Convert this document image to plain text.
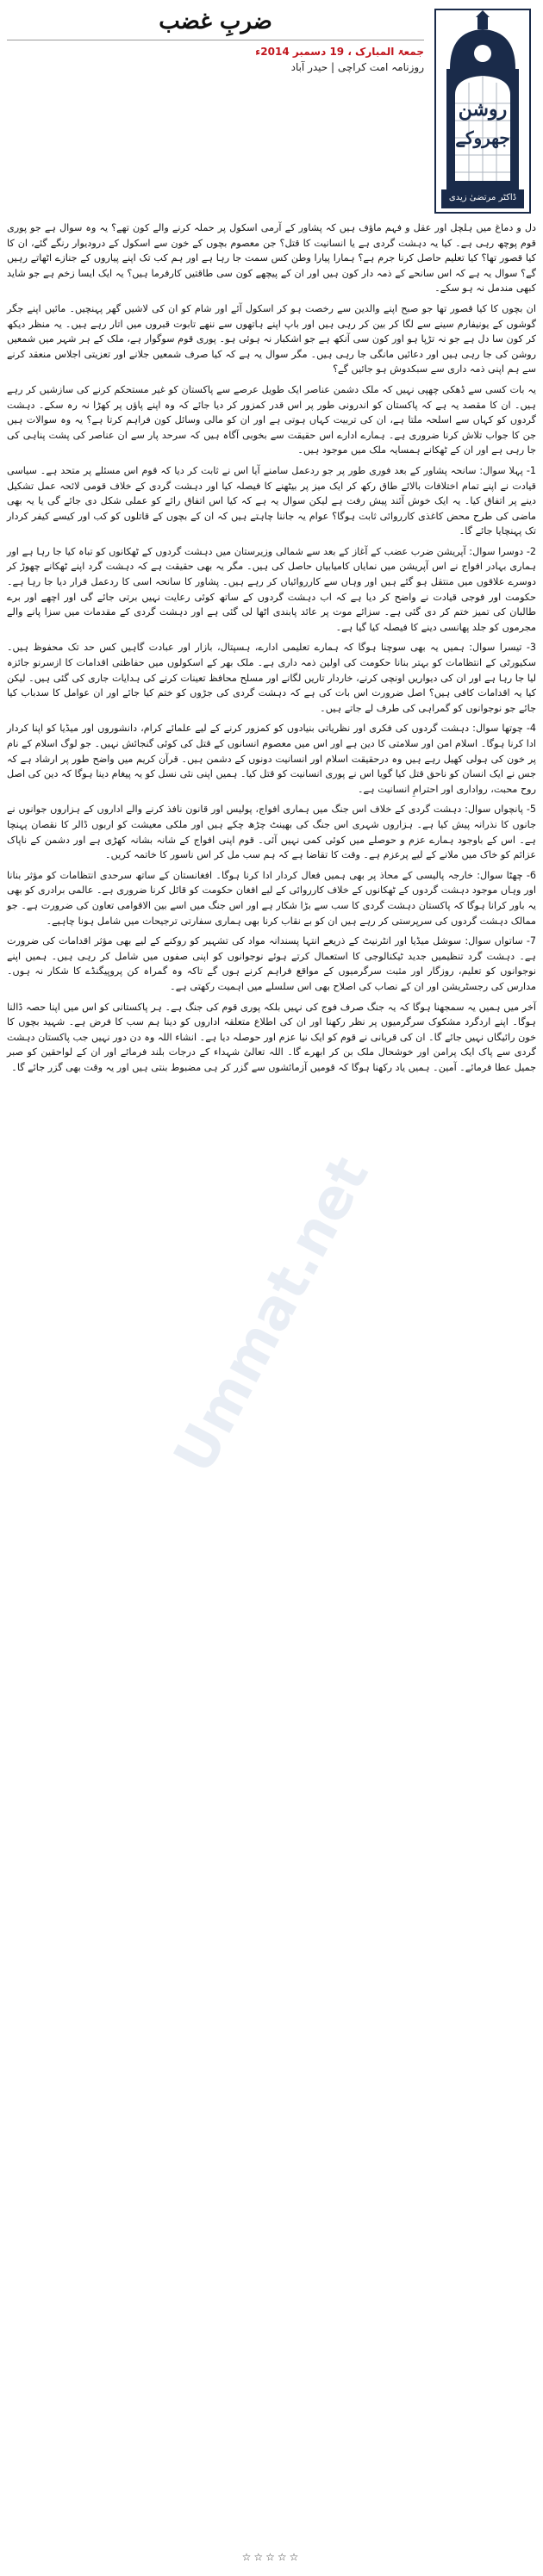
روشن
جھروکے
ڈاکٹر مرتضیٰ زیدی
ضربِ غضب
جمعۃ المبارک ، 19 دسمبر 2014ء
روزنامہ امت کراچی | حیدر آباد
Ummat.net

دل و دماغ میں ہلچل اور عقل و فہم ماؤف ہیں کہ پشاور کے آرمی اسکول پر حملہ کرنے والے کون تھے؟ یہ وہ سوال ہے جو پوری قوم پوچھ رہی ہے۔ کیا یہ دہشت گردی ہے یا انسانیت کا قتل؟ جن معصوم بچوں کے خون سے اسکول کے درودیوار رنگے گئے، ان کا کیا قصور تھا؟ کیا تعلیم حاصل کرنا جرم ہے؟ ہمارا پیارا وطن کس سمت جا رہا ہے اور ہم کب تک اپنے پیاروں کے جنازے اٹھاتے رہیں گے؟ سوال یہ ہے کہ اس سانحے کے ذمہ دار کون ہیں اور ان کے پیچھے کون سی طاقتیں کارفرما ہیں؟ یہ ایک ایسا زخم ہے جو شاید کبھی مندمل نہ ہو سکے۔

ان بچوں کا کیا قصور تھا جو صبح اپنے والدین سے رخصت ہو کر اسکول آئے اور شام کو ان کی لاشیں گھر پہنچیں۔ مائیں اپنے جگر گوشوں کے یونیفارم سینے سے لگا کر بین کر رہی ہیں اور باپ اپنے ہاتھوں سے ننھے تابوت قبروں میں اتار رہے ہیں۔ یہ منظر دیکھ کر کون سا دل ہے جو نہ تڑپا ہو اور کون سی آنکھ ہے جو اشکبار نہ ہوئی ہو۔ پوری قوم سوگوار ہے، ملک کے ہر شہر میں شمعیں روشن کی جا رہی ہیں اور دعائیں مانگی جا رہی ہیں۔ مگر سوال یہ ہے کہ کیا صرف شمعیں جلانے اور تعزیتی اجلاس منعقد کرنے سے ہم اپنی ذمہ داری سے سبکدوش ہو جائیں گے؟

یہ بات کسی سے ڈھکی چھپی نہیں کہ ملک دشمن عناصر ایک طویل عرصے سے پاکستان کو غیر مستحکم کرنے کی سازشیں کر رہے ہیں۔ ان کا مقصد یہ ہے کہ پاکستان کو اندرونی طور پر اس قدر کمزور کر دیا جائے کہ وہ اپنے پاؤں پر کھڑا نہ رہ سکے۔ دہشت گردوں کو کہاں سے اسلحہ ملتا ہے، ان کی تربیت کہاں ہوتی ہے اور ان کو مالی وسائل کون فراہم کرتا ہے؟ یہ وہ سوالات ہیں جن کا جواب تلاش کرنا ضروری ہے۔ ہمارے ادارے اس حقیقت سے بخوبی آگاہ ہیں کہ سرحد پار سے ان عناصر کی پشت پناہی کی جا رہی ہے اور ان کے ٹھکانے ہمسایہ ملک میں موجود ہیں۔

1- پہلا سوال: سانحہ پشاور کے بعد فوری طور پر جو ردعمل سامنے آیا اس نے ثابت کر دیا کہ قوم اس مسئلے پر متحد ہے۔ سیاسی قیادت نے اپنے تمام اختلافات بالائے طاق رکھ کر ایک میز پر بیٹھنے کا فیصلہ کیا اور دہشت گردی کے خلاف قومی لائحہ عمل تشکیل دینے پر اتفاق کیا۔ یہ ایک خوش آئند پیش رفت ہے لیکن سوال یہ ہے کہ کیا اس اتفاق رائے کو عملی شکل دی جائے گی یا یہ بھی ماضی کی طرح محض کاغذی کارروائی ثابت ہوگا؟ عوام یہ جاننا چاہتے ہیں کہ ان کے بچوں کے قاتلوں کو کب اور کیسے کیفر کردار تک پہنچایا جائے گا۔

2- دوسرا سوال: آپریشن ضرب عضب کے آغاز کے بعد سے شمالی وزیرستان میں دہشت گردوں کے ٹھکانوں کو تباہ کیا جا رہا ہے اور ہماری بہادر افواج نے اس آپریشن میں نمایاں کامیابیاں حاصل کی ہیں۔ مگر یہ بھی حقیقت ہے کہ دہشت گرد اپنے ٹھکانے چھوڑ کر دوسرے علاقوں میں منتقل ہو گئے ہیں اور وہاں سے کارروائیاں کر رہے ہیں۔ پشاور کا سانحہ اسی کا ردعمل قرار دیا جا رہا ہے۔ حکومت اور فوجی قیادت نے واضح کر دیا ہے کہ اب دہشت گردوں کے ساتھ کوئی رعایت نہیں برتی جائے گی اور اچھے اور برے طالبان کی تمیز ختم کر دی گئی ہے۔ سزائے موت پر عائد پابندی اٹھا لی گئی ہے اور دہشت گردی کے مقدمات میں سزا پانے والے مجرموں کو جلد پھانسی دینے کا فیصلہ کیا گیا ہے۔

3- تیسرا سوال: ہمیں یہ بھی سوچنا ہوگا کہ ہمارے تعلیمی ادارے، ہسپتال، بازار اور عبادت گاہیں کس حد تک محفوظ ہیں۔ سکیورٹی کے انتظامات کو بہتر بنانا حکومت کی اولین ذمہ داری ہے۔ ملک بھر کے اسکولوں میں حفاظتی اقدامات کا ازسرنو جائزہ لیا جا رہا ہے اور ان کی دیواریں اونچی کرنے، خاردار تاریں لگانے اور مسلح محافظ تعینات کرنے کی ہدایات جاری کی گئی ہیں۔ لیکن کیا یہ اقدامات کافی ہیں؟ اصل ضرورت اس بات کی ہے کہ دہشت گردی کی جڑوں کو ختم کیا جائے اور ان عوامل کا سدباب کیا جائے جو نوجوانوں کو گمراہی کی طرف لے جاتے ہیں۔

4- چوتھا سوال: دہشت گردوں کی فکری اور نظریاتی بنیادوں کو کمزور کرنے کے لیے علمائے کرام، دانشوروں اور میڈیا کو اپنا کردار ادا کرنا ہوگا۔ اسلام امن اور سلامتی کا دین ہے اور اس میں معصوم انسانوں کے قتل کی کوئی گنجائش نہیں۔ جو لوگ اسلام کے نام پر خون کی ہولی کھیل رہے ہیں وہ درحقیقت اسلام اور انسانیت دونوں کے دشمن ہیں۔ قرآن کریم میں واضح طور پر ارشاد ہے کہ جس نے ایک انسان کو ناحق قتل کیا گویا اس نے پوری انسانیت کو قتل کیا۔ ہمیں اپنی نئی نسل کو یہ پیغام دینا ہوگا کہ دین کی اصل روح محبت، رواداری اور احترامِ انسانیت ہے۔

5- پانچواں سوال: دہشت گردی کے خلاف اس جنگ میں ہماری افواج، پولیس اور قانون نافذ کرنے والے اداروں کے ہزاروں جوانوں نے جانوں کا نذرانہ پیش کیا ہے۔ ہزاروں شہری اس جنگ کی بھینٹ چڑھ چکے ہیں اور ملکی معیشت کو اربوں ڈالر کا نقصان پہنچا ہے۔ اس کے باوجود ہمارے عزم و حوصلے میں کوئی کمی نہیں آئی۔ قوم اپنی افواج کے شانہ بشانہ کھڑی ہے اور دشمن کے ناپاک عزائم کو خاک میں ملانے کے لیے پرعزم ہے۔ وقت کا تقاضا ہے کہ ہم سب مل کر اس ناسور کا خاتمہ کریں۔

6- چھٹا سوال: خارجہ پالیسی کے محاذ پر بھی ہمیں فعال کردار ادا کرنا ہوگا۔ افغانستان کے ساتھ سرحدی انتظامات کو مؤثر بنانا اور وہاں موجود دہشت گردوں کے ٹھکانوں کے خلاف کارروائی کے لیے افغان حکومت کو قائل کرنا ضروری ہے۔ عالمی برادری کو بھی یہ باور کرانا ہوگا کہ پاکستان دہشت گردی کا سب سے بڑا شکار ہے اور اس جنگ میں اسے بین الاقوامی تعاون کی ضرورت ہے۔ جو ممالک دہشت گردوں کی سرپرستی کر رہے ہیں ان کو بے نقاب کرنا بھی ہماری سفارتی ترجیحات میں شامل ہونا چاہیے۔

7- ساتواں سوال: سوشل میڈیا اور انٹرنیٹ کے ذریعے انتہا پسندانہ مواد کی تشہیر کو روکنے کے لیے بھی مؤثر اقدامات کی ضرورت ہے۔ دہشت گرد تنظیمیں جدید ٹیکنالوجی کا استعمال کرتے ہوئے نوجوانوں کو اپنی صفوں میں شامل کر رہی ہیں۔ ہمیں اپنے نوجوانوں کو تعلیم، روزگار اور مثبت سرگرمیوں کے مواقع فراہم کرنے ہوں گے تاکہ وہ گمراہ کن پروپیگنڈے کا شکار نہ ہوں۔ مدارس کی رجسٹریشن اور ان کے نصاب کی اصلاح بھی اس سلسلے میں اہمیت رکھتی ہے۔

آخر میں ہمیں یہ سمجھنا ہوگا کہ یہ جنگ صرف فوج کی نہیں بلکہ پوری قوم کی جنگ ہے۔ ہر پاکستانی کو اس میں اپنا حصہ ڈالنا ہوگا۔ اپنے اردگرد مشکوک سرگرمیوں پر نظر رکھنا اور ان کی اطلاع متعلقہ اداروں کو دینا ہم سب کا فرض ہے۔ شہید بچوں کا خون رائیگاں نہیں جائے گا۔ ان کی قربانی نے قوم کو ایک نیا عزم اور حوصلہ دیا ہے۔ انشاء اللہ وہ دن دور نہیں جب پاکستان دہشت گردی سے پاک ایک پرامن اور خوشحال ملک بن کر ابھرے گا۔ اللہ تعالیٰ شہداء کے درجات بلند فرمائے اور ان کے لواحقین کو صبر جمیل عطا فرمائے۔ آمین۔ ہمیں یاد رکھنا ہوگا کہ قومیں آزمائشوں سے گزر کر ہی مضبوط بنتی ہیں اور یہ وقت بھی گزر جائے گا۔

☆☆☆☆☆
